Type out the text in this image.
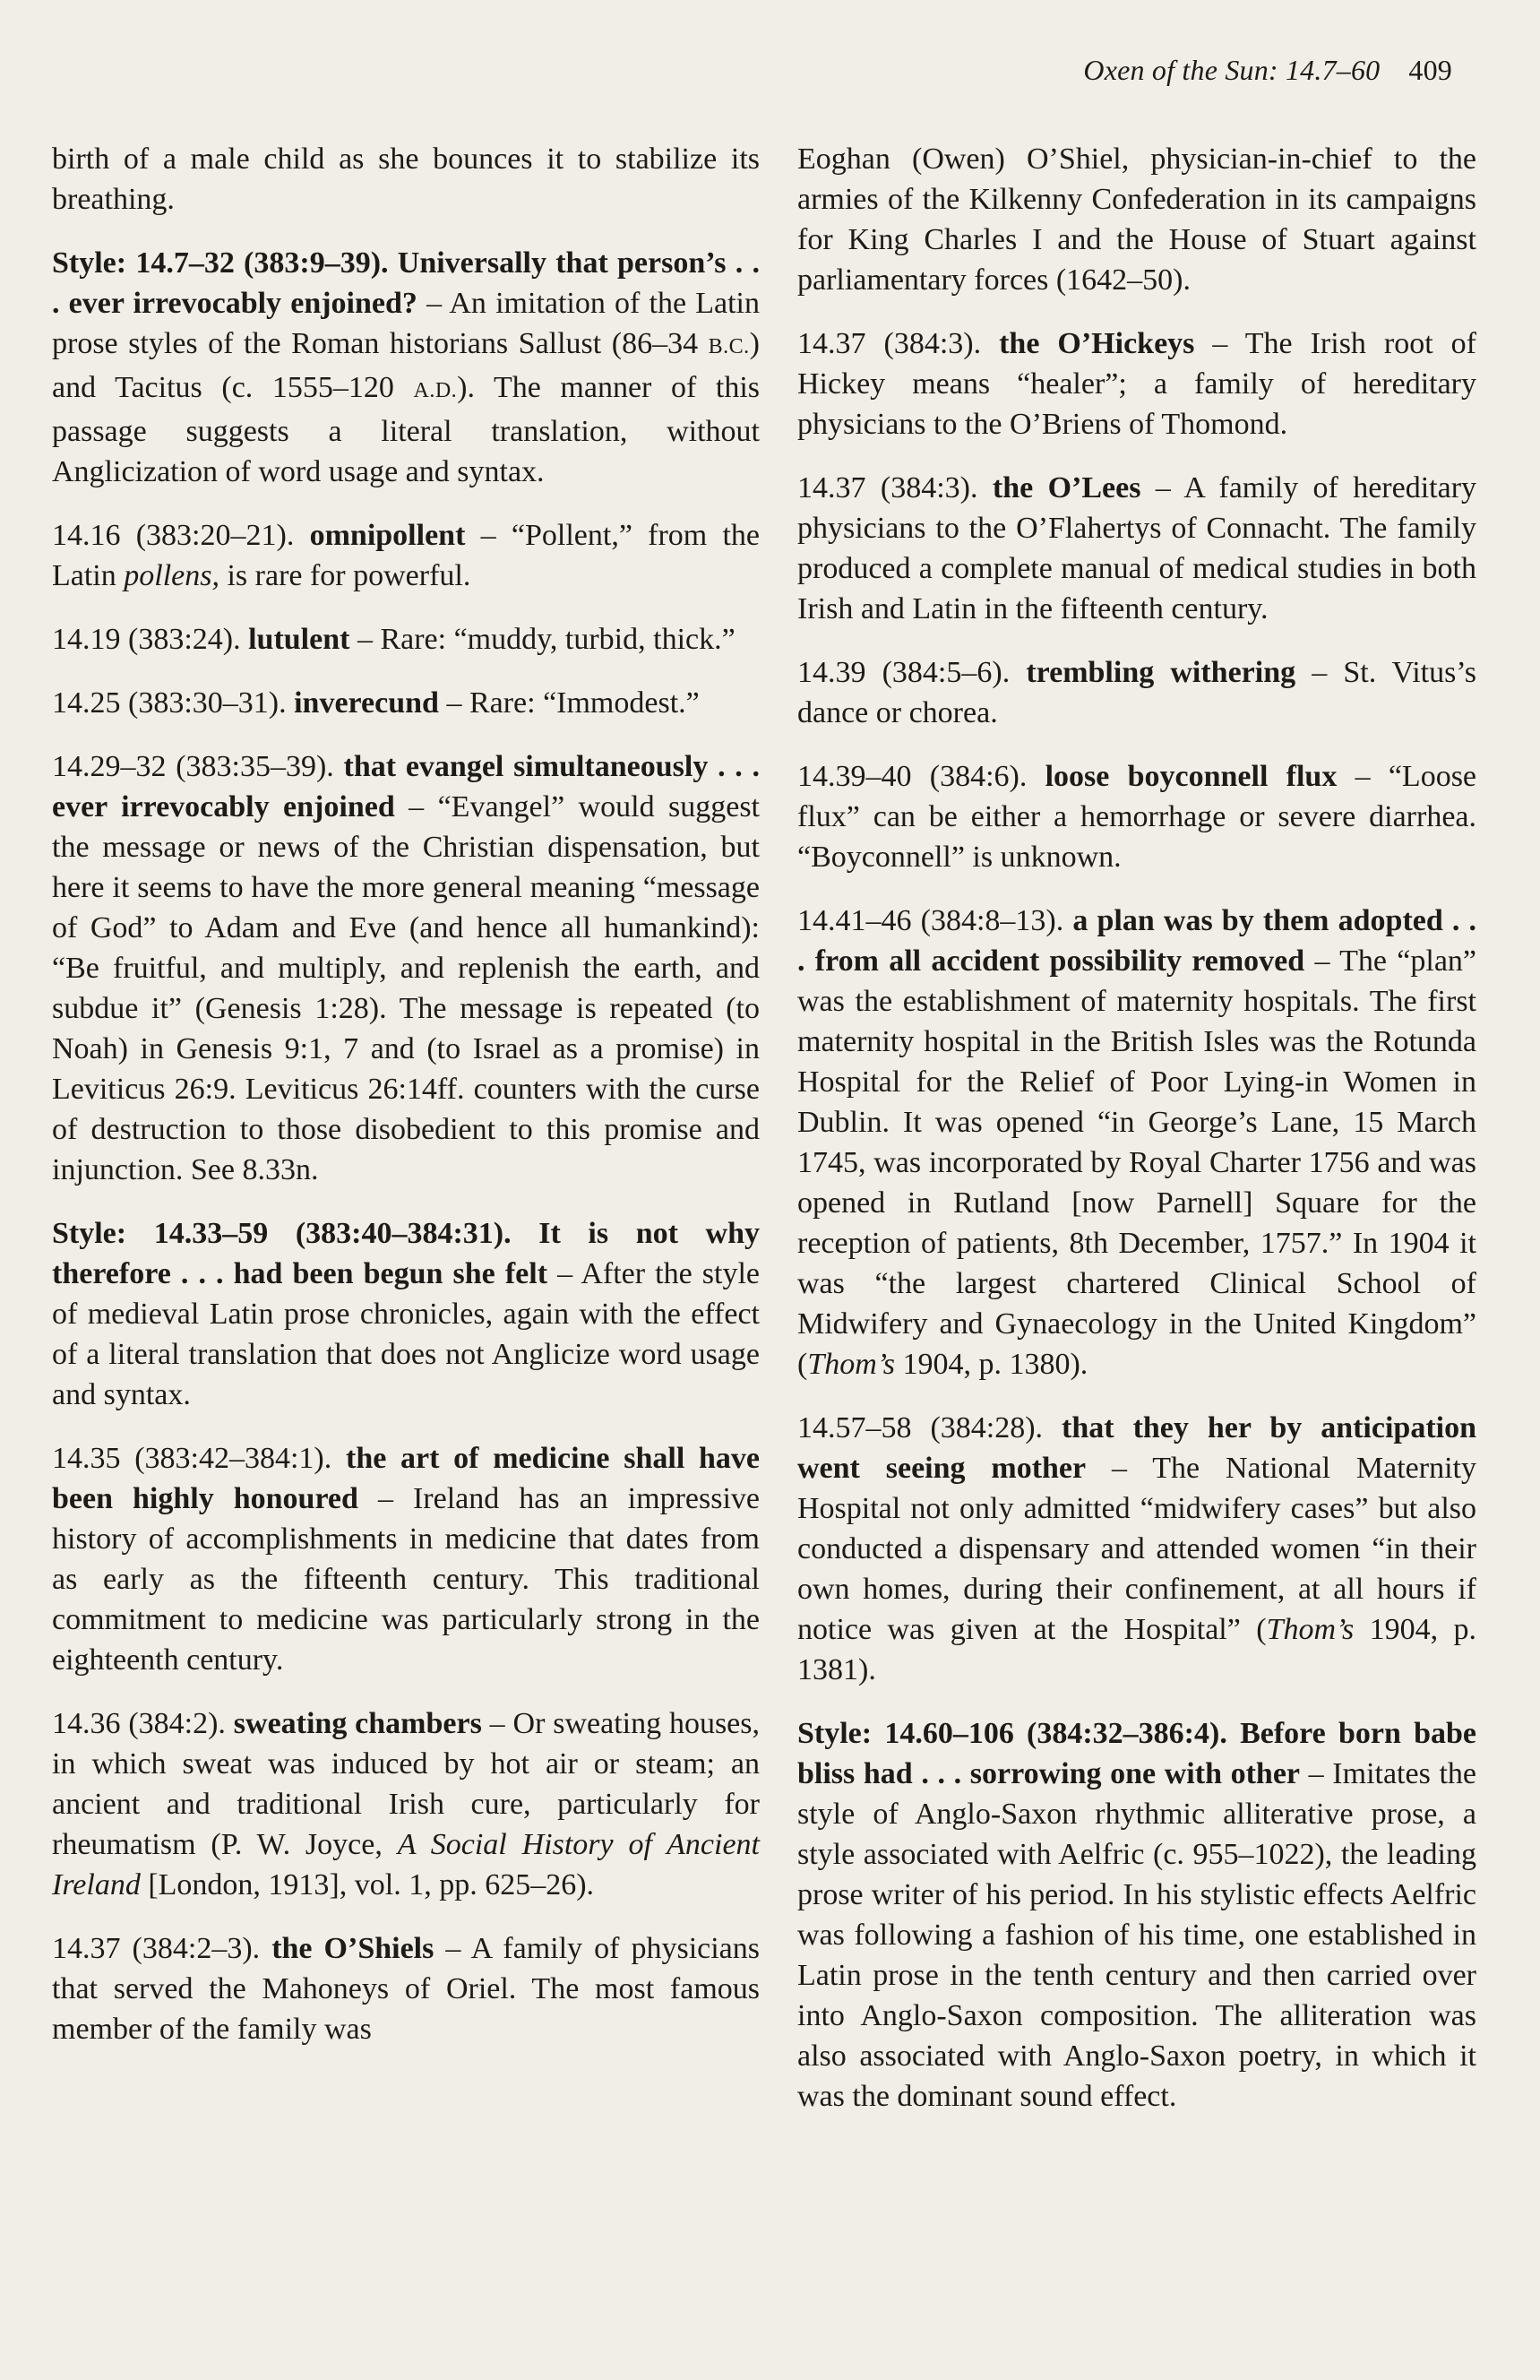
Oxen of the Sun: 14.7–60 409

birth of a male child as she bounces it to stabilize its breathing.

Style: 14.7–32 (383:9–39). Universally that person’s . . . ever irrevocably enjoined? – An imitation of the Latin prose styles of the Roman historians Sallust (86–34 B.C.) and Tacitus (c. 1555–120 A.D.). The manner of this passage suggests a literal translation, without Anglicization of word usage and syntax.

14.16 (383:20–21). omnipollent – “Pollent,” from the Latin pollens, is rare for powerful.

14.19 (383:24). lutulent – Rare: “muddy, turbid, thick.”

14.25 (383:30–31). inverecund – Rare: “Immodest.”

14.29–32 (383:35–39). that evangel simultaneously . . . ever irrevocably enjoined – “Evangel” would suggest the message or news of the Christian dispensation, but here it seems to have the more general meaning “message of God” to Adam and Eve (and hence all humankind): “Be fruitful, and multiply, and replenish the earth, and subdue it” (Genesis 1:28). The message is repeated (to Noah) in Genesis 9:1, 7 and (to Israel as a promise) in Leviticus 26:9. Leviticus 26:14ff. counters with the curse of destruction to those disobedient to this promise and injunction. See 8.33n.

Style: 14.33–59 (383:40–384:31). It is not why therefore . . . had been begun she felt – After the style of medieval Latin prose chronicles, again with the effect of a literal translation that does not Anglicize word usage and syntax.

14.35 (383:42–384:1). the art of medicine shall have been highly honoured – Ireland has an impressive history of accomplishments in medicine that dates from as early as the fifteenth century. This traditional commitment to medicine was particularly strong in the eighteenth century.

14.36 (384:2). sweating chambers – Or sweating houses, in which sweat was induced by hot air or steam; an ancient and traditional Irish cure, particularly for rheumatism (P. W. Joyce, A Social History of Ancient Ireland [London, 1913], vol. 1, pp. 625–26).

14.37 (384:2–3). the O’Shiels – A family of physicians that served the Mahoneys of Oriel. The most famous member of the family was

Eoghan (Owen) O’Shiel, physician-in-chief to the armies of the Kilkenny Confederation in its campaigns for King Charles I and the House of Stuart against parliamentary forces (1642–50).

14.37 (384:3). the O’Hickeys – The Irish root of Hickey means “healer”; a family of hereditary physicians to the O’Briens of Thomond.

14.37 (384:3). the O’Lees – A family of hereditary physicians to the O’Flahertys of Connacht. The family produced a complete manual of medical studies in both Irish and Latin in the fifteenth century.

14.39 (384:5–6). trembling withering – St. Vitus’s dance or chorea.

14.39–40 (384:6). loose boyconnell flux – “Loose flux” can be either a hemorrhage or severe diarrhea. “Boyconnell” is unknown.

14.41–46 (384:8–13). a plan was by them adopted . . . from all accident possibility removed – The “plan” was the establishment of maternity hospitals. The first maternity hospital in the British Isles was the Rotunda Hospital for the Relief of Poor Lying-in Women in Dublin. It was opened “in George’s Lane, 15 March 1745, was incorporated by Royal Charter 1756 and was opened in Rutland [now Parnell] Square for the reception of patients, 8th December, 1757.” In 1904 it was “the largest chartered Clinical School of Midwifery and Gynaecology in the United Kingdom” (Thom’s 1904, p. 1380).

14.57–58 (384:28). that they her by anticipation went seeing mother – The National Maternity Hospital not only admitted “midwifery cases” but also conducted a dispensary and attended women “in their own homes, during their confinement, at all hours if notice was given at the Hospital” (Thom’s 1904, p. 1381).

Style: 14.60–106 (384:32–386:4). Before born babe bliss had . . . sorrowing one with other – Imitates the style of Anglo-Saxon rhythmic alliterative prose, a style associated with Aelfric (c. 955–1022), the leading prose writer of his period. In his stylistic effects Aelfric was following a fashion of his time, one established in Latin prose in the tenth century and then carried over into Anglo-Saxon composition. The alliteration was also associated with Anglo-Saxon poetry, in which it was the dominant sound effect.
